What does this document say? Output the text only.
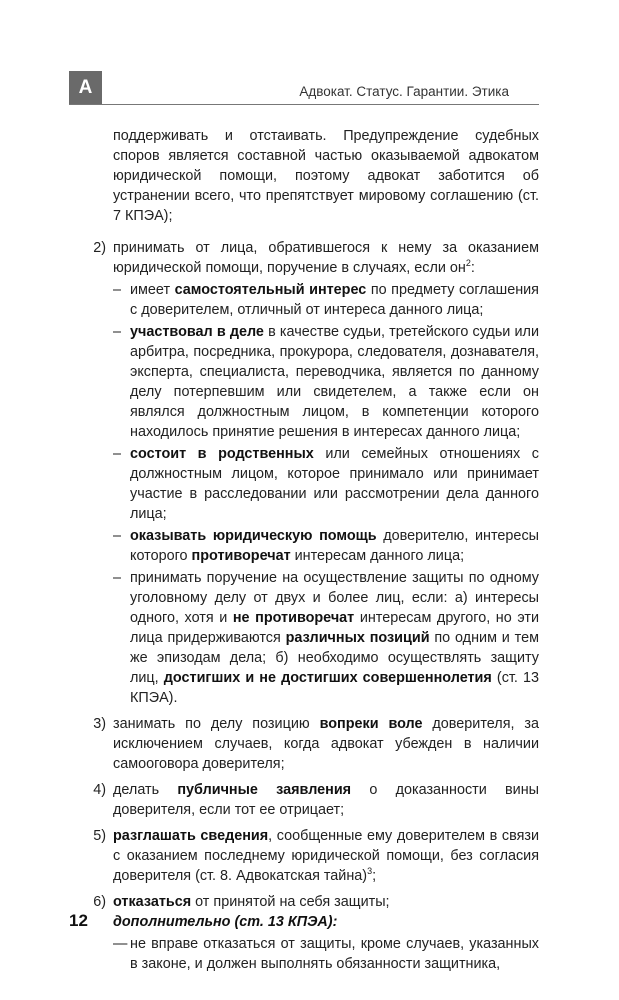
А	Адвокат. Статус. Гарантии. Этика

поддерживать и отстаивать. Предупреждение судебных споров является составной частью оказываемой адвокатом юридической помощи, поэтому адвокат заботится об устранении всего, что препятствует мировому соглашению (ст. 7 КПЭА);

2) принимать от лица, обратившегося к нему за оказанием юридической помощи, поручение в случаях, если $он^2$:
– имеет самостоятельный интерес по предмету соглашения с доверителем, отличный от интереса данного лица;
– участвовал в деле в качестве судьи, третейского судьи или арбитра, посредника, прокурора, следователя, дознавателя, эксперта, специалиста, переводчика, является по данному делу потерпевшим или свидетелем, а также если он являлся должностным лицом, в компетенции которого находилось принятие решения в интересах данного лица;
– состоит в родственных или семейных отношениях с должностным лицом, которое принимало или принимает участие в расследовании или рассмотрении дела данного лица;
– оказывать юридическую помощь доверителю, интересы которого противоречат интересам данного лица;
– принимать поручение на осуществление защиты по одному уголовному делу от двух и более лиц, если: а) интересы одного, хотя и не противоречат интересам другого, но эти лица придерживаются различных позиций по одним и тем же эпизодам дела; б) необходимо осуществлять защиту лиц, достигших и не достигших совершеннолетия (ст. 13 КПЭА).
3) занимать по делу позицию вопреки воле доверителя, за исключением случаев, когда адвокат убежден в наличии самооговора доверителя;
4) делать публичные заявления о доказанности вины доверителя, если тот ее отрицает;
5) разглашать сведения, сообщенные ему доверителем в связи с оказанием последнему юридической помощи, без согласия доверителя (ст. 8. Адвокатская тайна)$^3$;
6) отказаться от принятой на себя защиты;
дополнительно (ст. 13 КПЭА):
— не вправе отказаться от защиты, кроме случаев, указанных в законе, и должен выполнять обязанности защитника,
12
